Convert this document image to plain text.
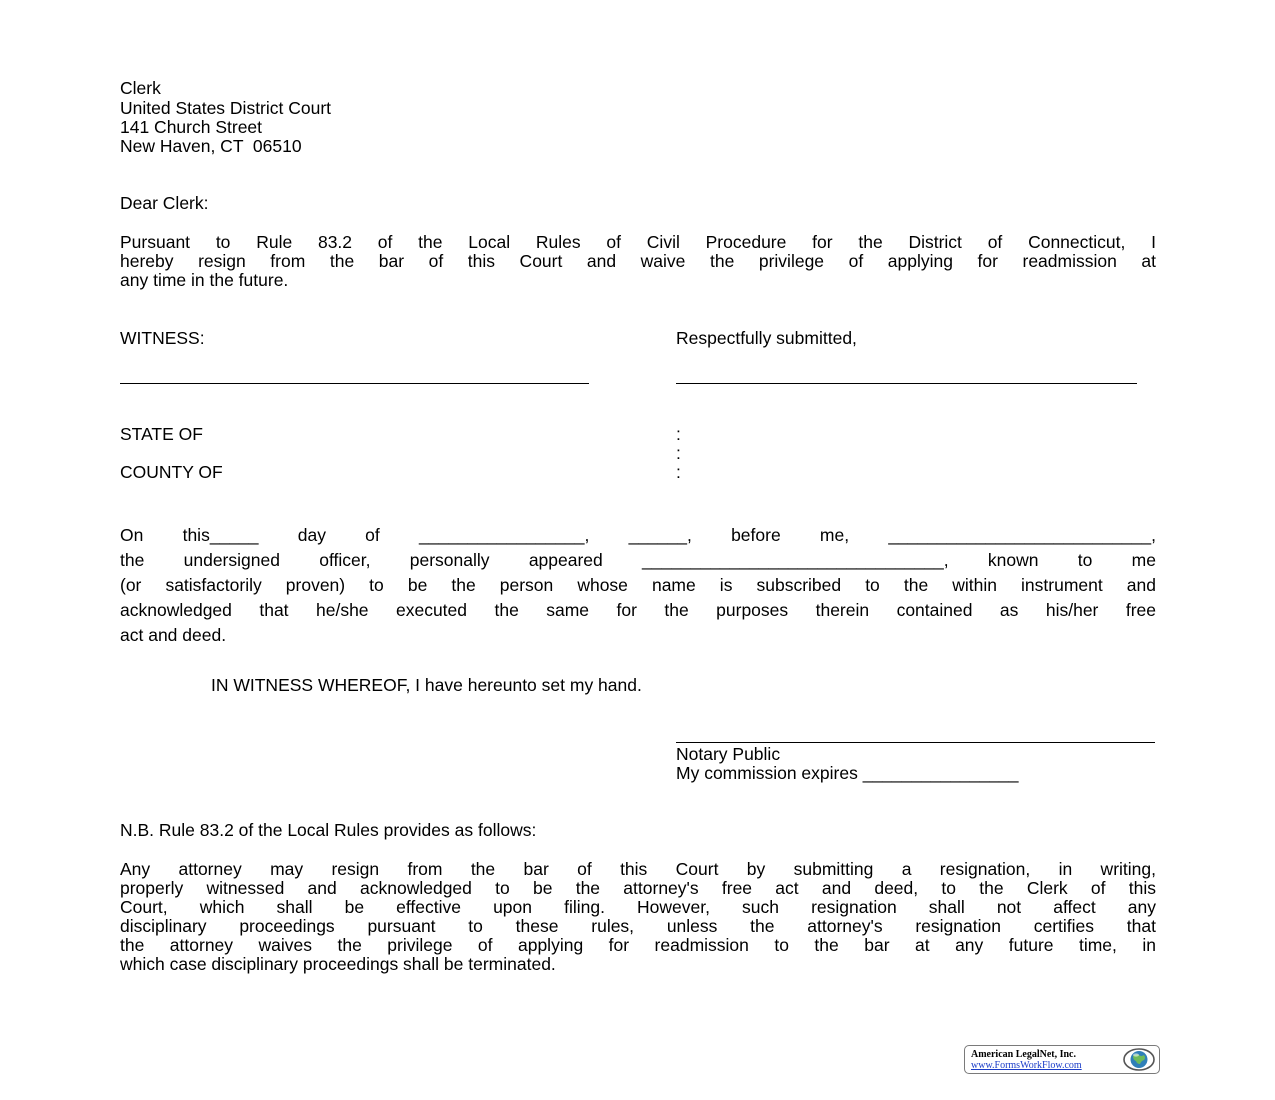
Clerk
United States District Court
141 Church Street
New Haven, CT  06510
Dear Clerk:
Pursuant to Rule 83.2 of the Local Rules of Civil Procedure for the District of Connecticut, I
hereby resign from the bar of this Court and waive the privilege of applying for readmission at
any time in the future.
WITNESS:	Respectfully submitted,
STATE OF
COUNTY OF
:
:
:
On this_____ day of _________________, ______, before me, ___________________________,
the undersigned officer, personally appeared _______________________________, known to me
(or satisfactorily proven) to be the person whose name is subscribed to the within instrument and
acknowledged that he/she executed the same for the purposes therein contained as his/her free
act and deed.
IN WITNESS WHEREOF, I have hereunto set my hand.
Notary Public
My commission expires ________________
N.B. Rule 83.2 of the Local Rules provides as follows:
Any attorney may resign from the bar of this Court by submitting a resignation, in writing,
properly witnessed and acknowledged to be the attorney's free act and deed, to the Clerk of this
Court, which shall be effective upon filing. However, such resignation shall not affect any
disciplinary proceedings pursuant to these rules, unless the attorney's resignation certifies that
the attorney waives the privilege of applying for readmission to the bar at any future time, in
which case disciplinary proceedings shall be terminated.
American LegalNet, Inc.
www.FormsWorkFlow.com
